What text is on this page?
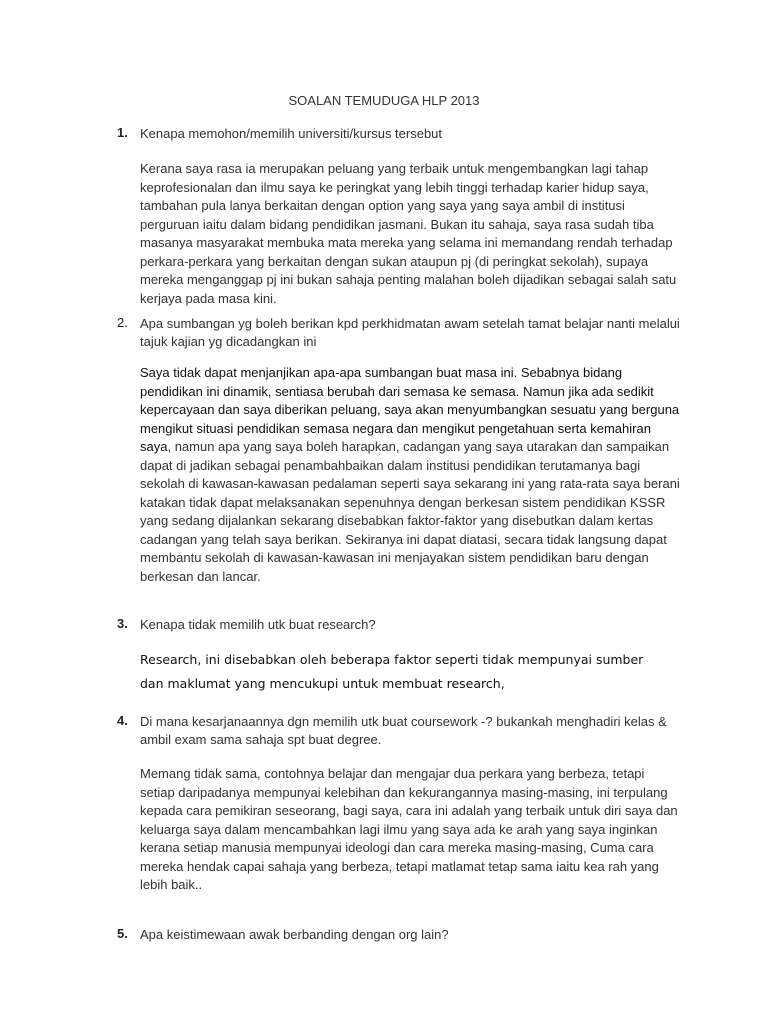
SOALAN TEMUDUGA HLP 2013
1. Kenapa memohon/memilih universiti/kursus tersebut

Kerana saya rasa ia merupakan peluang yang terbaik untuk mengembangkan lagi tahap keprofesionalan dan ilmu saya ke peringkat yang lebih tinggi terhadap karier hidup saya, tambahan pula lanya berkaitan dengan option yang saya yang saya ambil di institusi perguruan iaitu dalam bidang pendidikan jasmani. Bukan itu sahaja, saya rasa sudah tiba masanya masyarakat membuka mata mereka yang selama ini memandang rendah terhadap perkara-perkara yang berkaitan dengan sukan ataupun pj (di peringkat sekolah), supaya mereka menganggap pj ini bukan sahaja penting malahan boleh dijadikan sebagai salah satu kerjaya pada masa kini.

2. Apa sumbangan yg boleh berikan kpd perkhidmatan awam setelah tamat belajar nanti melalui tajuk kajian yg dicadangkan ini

Saya tidak dapat menjanjikan apa-apa sumbangan buat masa ini. Sebabnya bidang pendidikan ini dinamik, sentiasa berubah dari semasa ke semasa. Namun jika ada sedikit kepercayaan dan saya diberikan peluang, saya akan menyumbangkan sesuatu yang berguna mengikut situasi pendidikan semasa negara dan mengikut pengetahuan serta kemahiran saya, namun apa yang saya boleh harapkan, cadangan yang saya utarakan dan sampaikan dapat di jadikan sebagai penambahbaikan dalam institusi pendidikan terutamanya bagi sekolah di kawasan-kawasan pedalaman seperti saya sekarang ini yang rata-rata saya berani katakan tidak dapat melaksanakan sepenuhnya dengan berkesan sistem pendidikan KSSR yang sedang dijalankan sekarang disebabkan faktor-faktor yang disebutkan dalam kertas cadangan yang telah saya berikan. Sekiranya ini dapat diatasi, secara tidak langsung dapat membantu sekolah di kawasan-kawasan ini menjayakan sistem pendidikan baru dengan berkesan dan lancar.

3. Kenapa tidak memilih utk buat research?

Research, ini disebabkan oleh beberapa faktor seperti tidak mempunyai sumber dan maklumat yang mencukupi untuk membuat research,

4. Di mana kesarjanaannya dgn memilih utk buat coursework -? bukankah menghadiri kelas & ambil exam sama sahaja spt buat degree.

Memang tidak sama, contohnya belajar dan mengajar dua perkara yang berbeza, tetapi setiap daripadanya mempunyai kelebihan dan kekurangannya masing-masing, ini terpulang kepada cara pemikiran seseorang, bagi saya, cara ini adalah yang terbaik untuk diri saya dan keluarga saya dalam mencambahkan lagi ilmu yang saya ada ke arah yang saya inginkan kerana setiap manusia mempunyai ideologi dan cara mereka masing-masing, Cuma cara mereka hendak capai sahaja yang berbeza, tetapi matlamat tetap sama iaitu kea rah yang lebih baik..

5. Apa keistimewaan awak berbanding dengan org lain?
